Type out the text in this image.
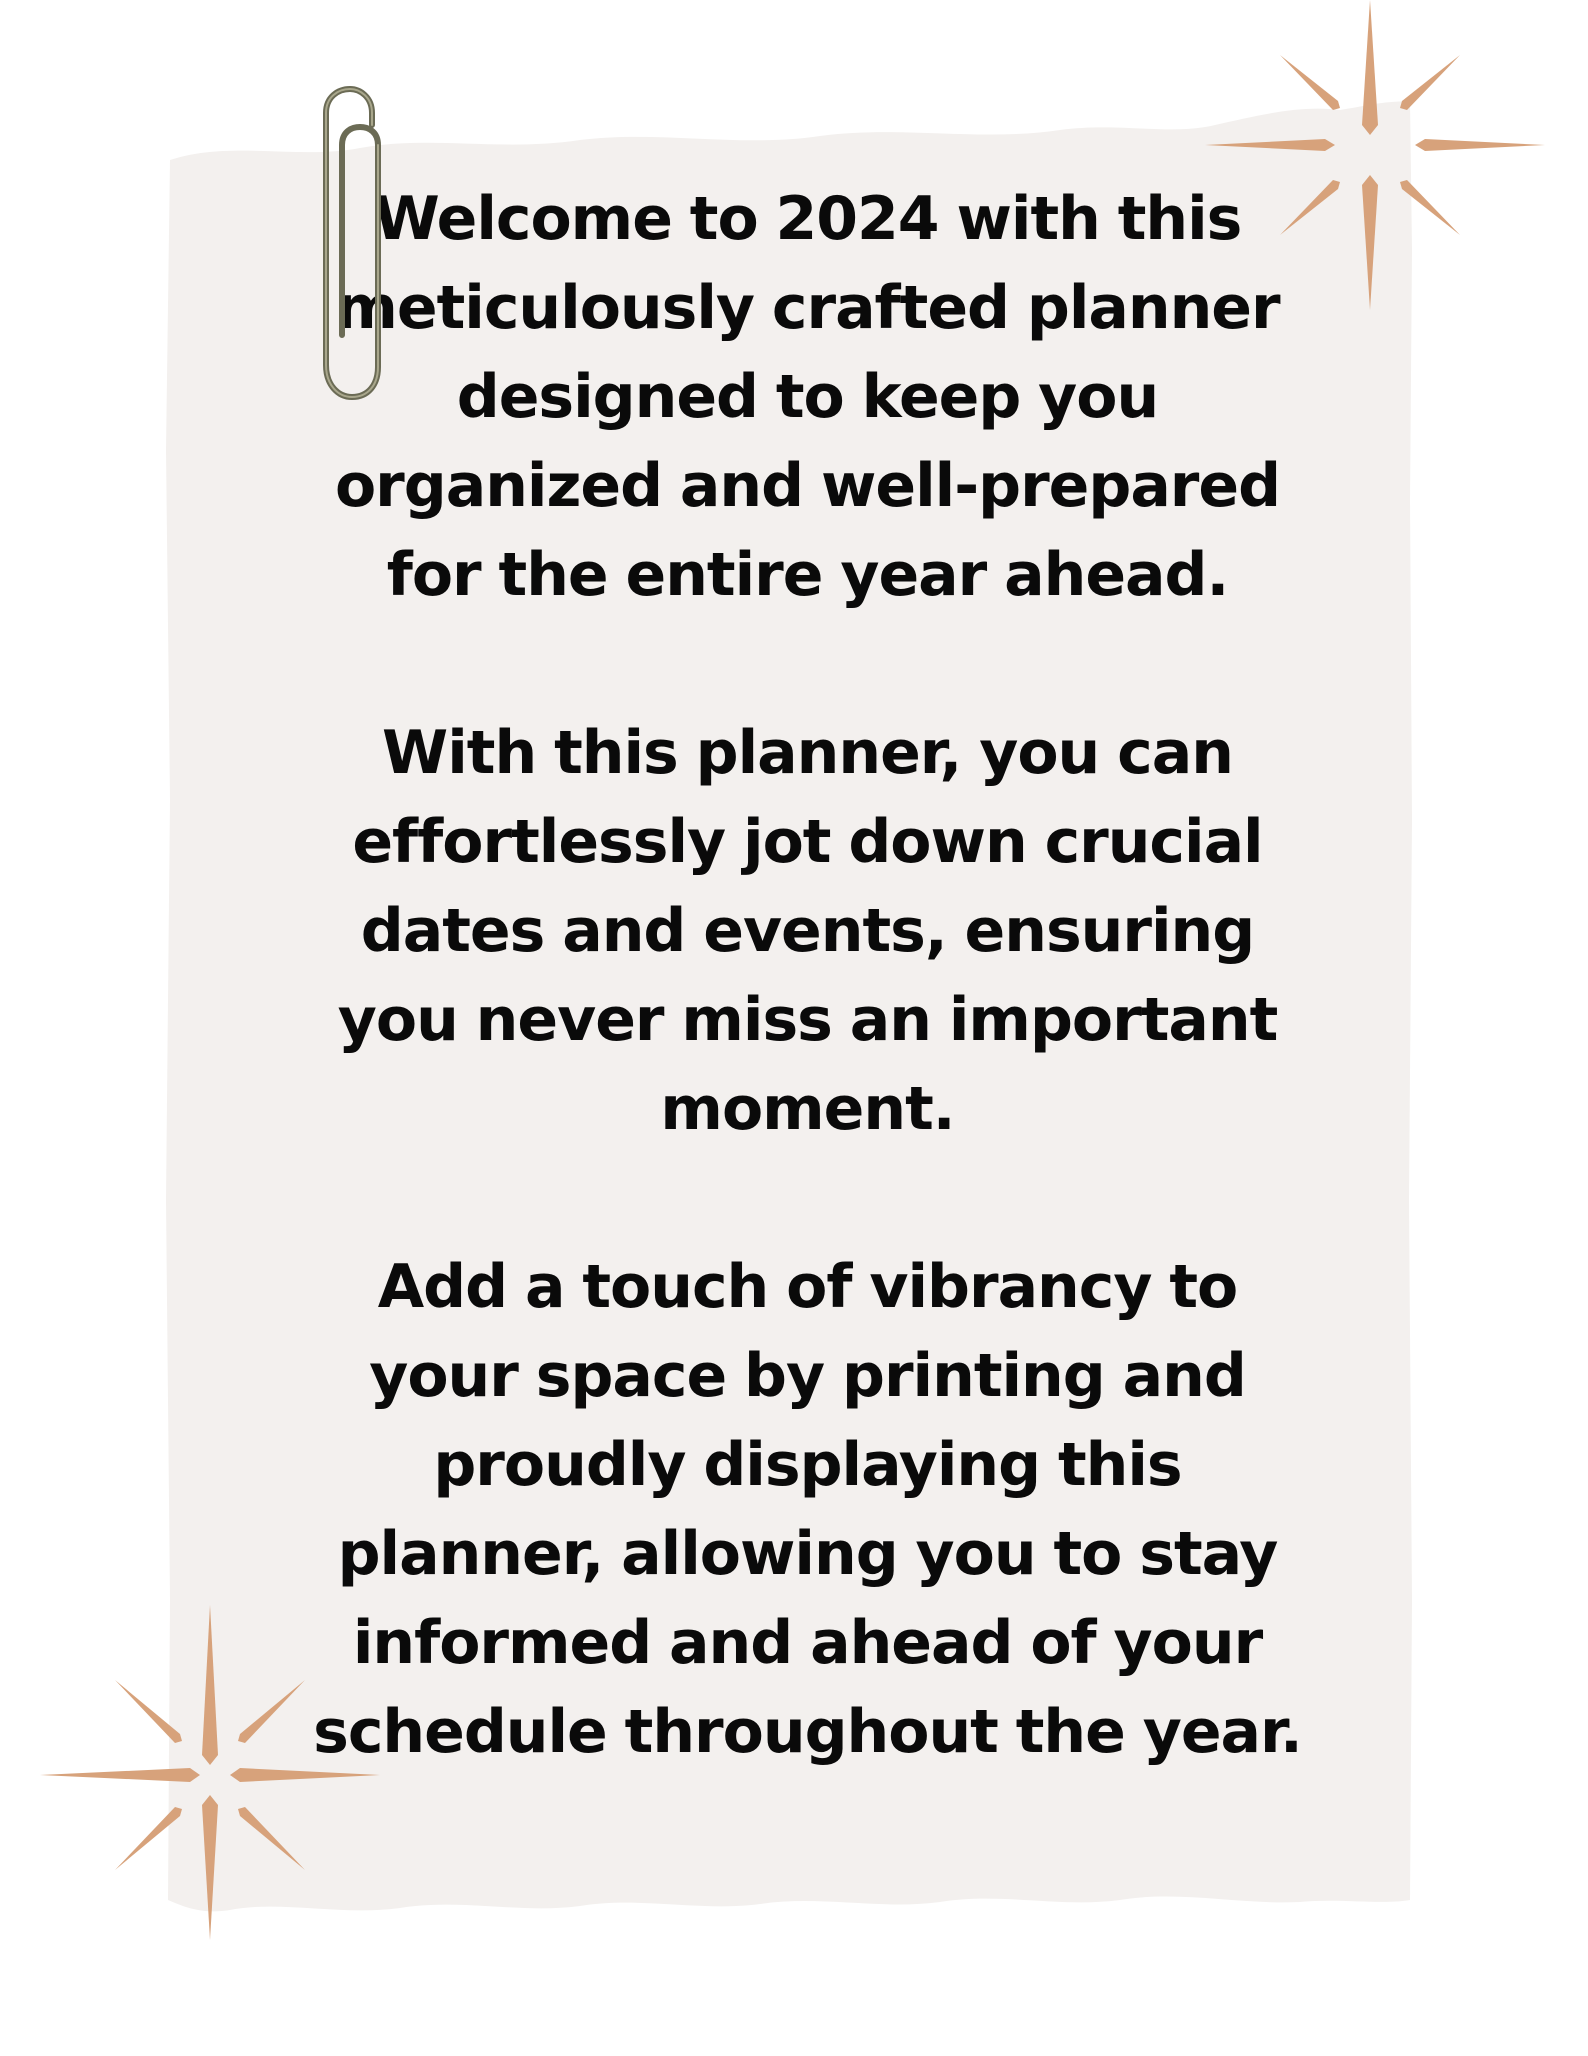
Welcome to 2024 with this
meticulously crafted planner
designed to keep you
organized and well-prepared
for the entire year ahead.

With this planner, you can
effortlessly jot down crucial
dates and events, ensuring
you never miss an important
moment.

Add a touch of vibrancy to
your space by printing and
proudly displaying this
planner, allowing you to stay
informed and ahead of your
schedule throughout the year.
